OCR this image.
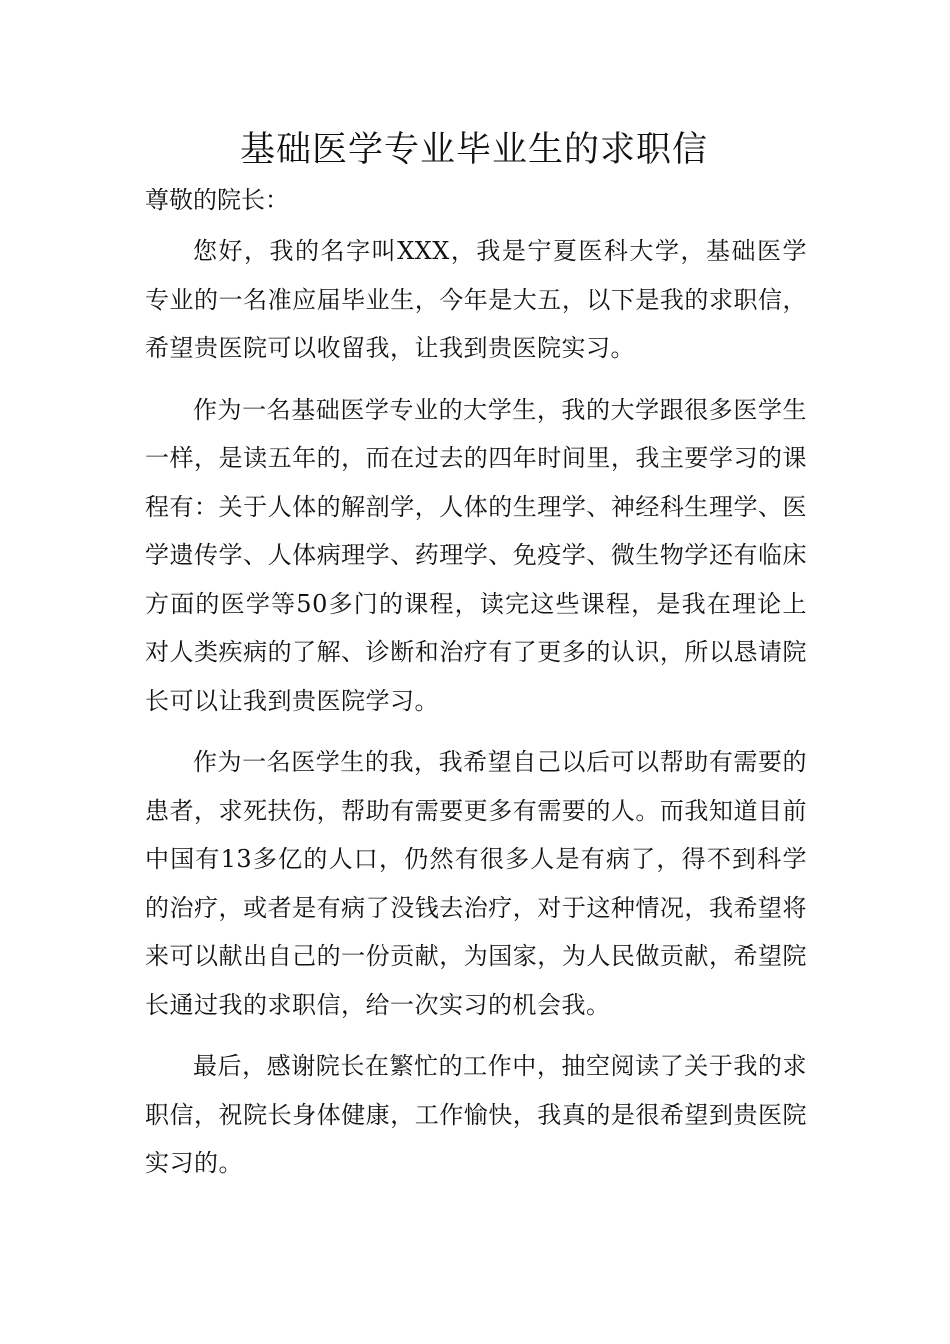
基础医学专业毕业生的求职信

尊敬的院长：

您好，我的名字叫XXX，我是宁夏医科大学，基础医学专业的一名准应届毕业生，今年是大五，以下是我的求职信，希望贵医院可以收留我，让我到贵医院实习。

作为一名基础医学专业的大学生，我的大学跟很多医学生一样，是读五年的，而在过去的四年时间里，我主要学习的课程有：关于人体的解剖学，人体的生理学、神经科生理学、医学遗传学、人体病理学、药理学、免疫学、微生物学还有临床方面的医学等50多门的课程，读完这些课程，是我在理论上对人类疾病的了解、诊断和治疗有了更多的认识，所以恳请院长可以让我到贵医院学习。

作为一名医学生的我，我希望自己以后可以帮助有需要的患者，求死扶伤，帮助有需要更多有需要的人。而我知道目前中国有13多亿的人口，仍然有很多人是有病了，得不到科学的治疗，或者是有病了没钱去治疗，对于这种情况，我希望将来可以献出自己的一份贡献，为国家，为人民做贡献，希望院长通过我的求职信，给一次实习的机会我。

最后，感谢院长在繁忙的工作中，抽空阅读了关于我的求职信，祝院长身体健康，工作愉快，我真的是很希望到贵医院实习的。
